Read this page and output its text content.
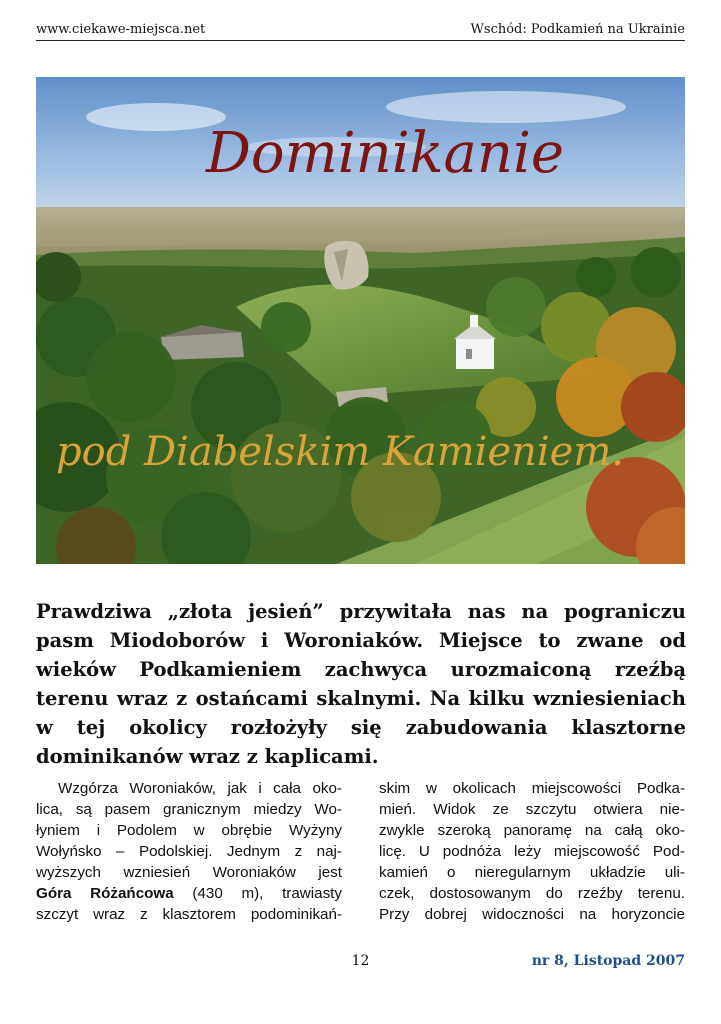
www.ciekawe-miejsca.net	Wschód: Podkamień na Ukrainie
Dominikanie
pod Diabelskim Kamieniem.
Prawdziwa „złota jesień” przywitała nas na pograniczu pasm Miodoborów i Woroniaków. Miejsce to zwane od wieków Podkamieniem zachwyca urozmaiconą rzeźbą terenu wraz z ostańcami skalnymi. Na kilku wzniesieniach w tej okolicy rozłożyły się zabudowania klasztorne dominikanów wraz z kaplicami.
Wzgórza Woroniaków, jak i cała oko-
lica, są pasem granicznym miedzy Wo-
łyniem i Podolem w obrębie Wyżyny
Wołyńsko – Podolskiej. Jednym z naj-
wyższych wzniesień Woroniaków jest
Góra Różańcowa (430 m), trawiasty
szczyt wraz z klasztorem podominikań-
skim w okolicach miejscowości Podka-
mień. Widok ze szczytu otwiera nie-
zwykle szeroką panoramę na całą oko-
licę. U podnóża leży miejscowość Pod-
kamień o nieregularnym układzie uli-
czek, dostosowanym do rzeźby terenu.
Przy dobrej widoczności na horyzoncie
12	nr 8, Listopad 2007
